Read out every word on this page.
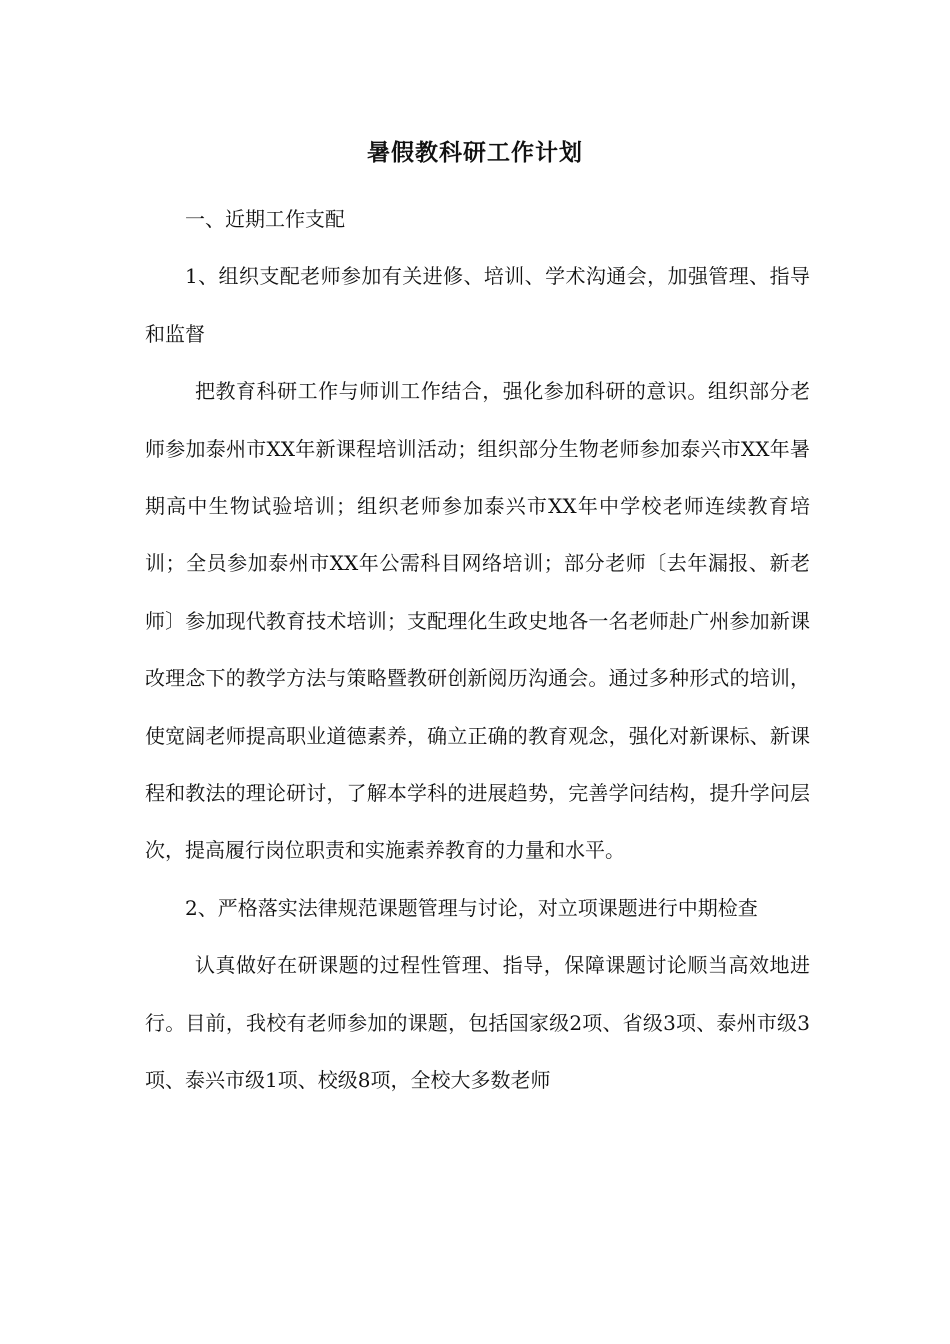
暑假教科研工作计划

一、近期工作支配

1、组织支配老师参加有关进修、培训、学术沟通会，加强管理、指导和监督

把教育科研工作与师训工作结合，强化参加科研的意识。组织部分老师参加泰州市XX年新课程培训活动；组织部分生物老师参加泰兴市XX年暑期高中生物试验培训；组织老师参加泰兴市XX年中学校老师连续教育培训；全员参加泰州市XX年公需科目网络培训；部分老师〔去年漏报、新老师〕参加现代教育技术培训；支配理化生政史地各一名老师赴广州参加新课改理念下的教学方法与策略暨教研创新阅历沟通会。通过多种形式的培训，使宽阔老师提高职业道德素养，确立正确的教育观念，强化对新课标、新课程和教法的理论研讨，了解本学科的进展趋势，完善学问结构，提升学问层次，提高履行岗位职责和实施素养教育的力量和水平。

2、严格落实法律规范课题管理与讨论，对立项课题进行中期检查

认真做好在研课题的过程性管理、指导，保障课题讨论顺当高效地进行。目前，我校有老师参加的课题，包括国家级2项、省级3项、泰州市级3项、泰兴市级1项、校级8项，全校大多数老师
